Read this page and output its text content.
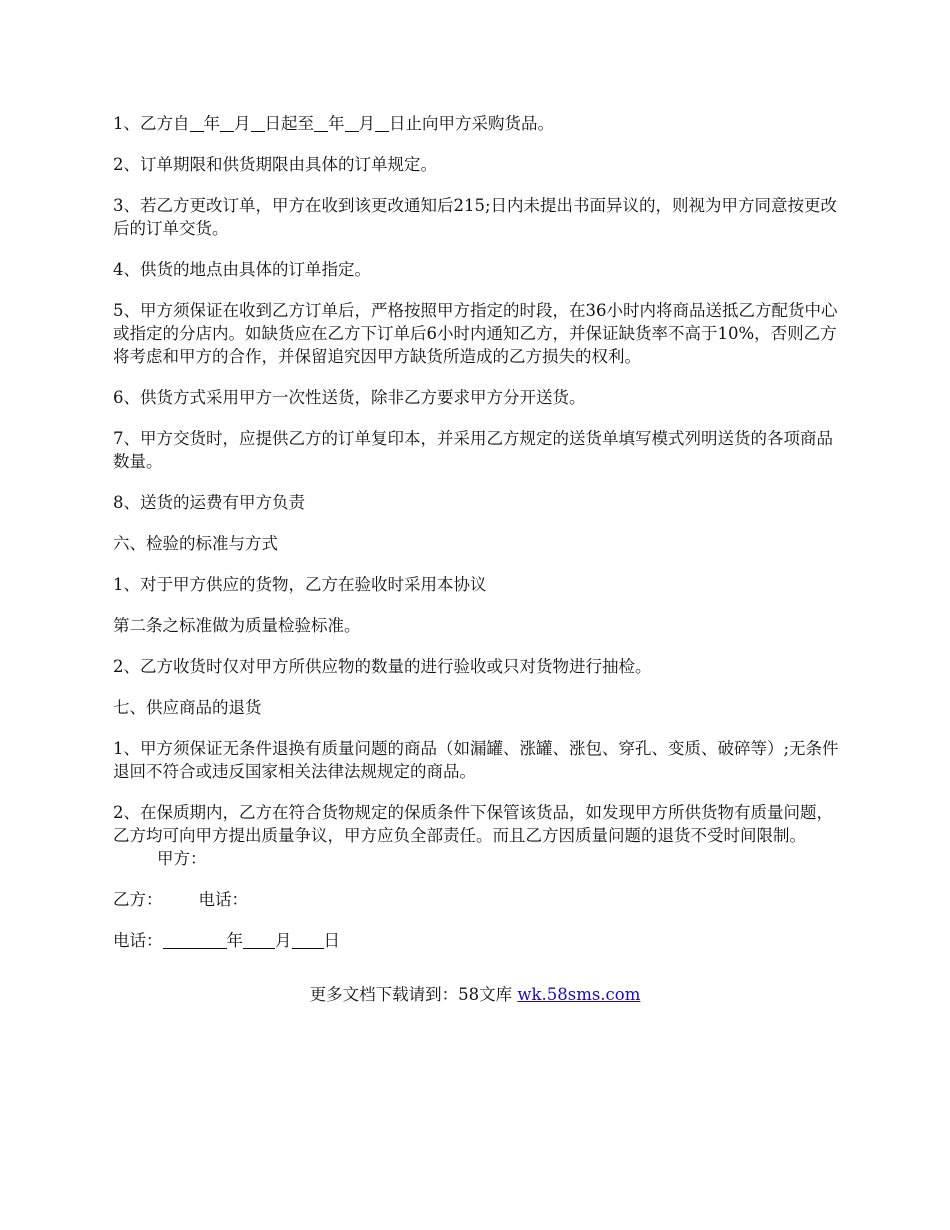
1、乙方自 年 月 日起至 年 月 日止向甲方采购货品。

2、订单期限和供货期限由具体的订单规定。

3、若乙方更改订单，甲方在收到该更改通知后215;日内未提出书面异议的，则视为甲方同意按更改后的订单交货。

4、供货的地点由具体的订单指定。

5、甲方须保证在收到乙方订单后，严格按照甲方指定的时段，在36小时内将商品送抵乙方配货中心或指定的分店内。如缺货应在乙方下订单后6小时内通知乙方，并保证缺货率不高于10%，否则乙方将考虑和甲方的合作，并保留追究因甲方缺货所造成的乙方损失的权利。

6、供货方式采用甲方一次性送货，除非乙方要求甲方分开送货。

7、甲方交货时，应提供乙方的订单复印本，并采用乙方规定的送货单填写模式列明送货的各项商品数量。

8、送货的运费有甲方负责

六、检验的标准与方式

1、对于甲方供应的货物，乙方在验收时采用本协议

第二条之标准做为质量检验标准。

2、乙方收货时仅对甲方所供应物的数量的进行验收或只对货物进行抽检。

七、供应商品的退货

1、甲方须保证无条件退换有质量问题的商品（如漏罐、涨罐、涨包、穿孔、变质、破碎等）;无条件退回不符合或违反国家相关法律法规规定的商品。

2、在保质期内，乙方在符合货物规定的保质条件下保管该货品，如发现甲方所供货物有质量问题，乙方均可向甲方提出质量争议，甲方应负全部责任。而且乙方因质量问题的退货不受时间限制。甲方：

乙方： 电话：

电话：	年 月 日

更多文档下载请到：58文库 wk.58sms.com
